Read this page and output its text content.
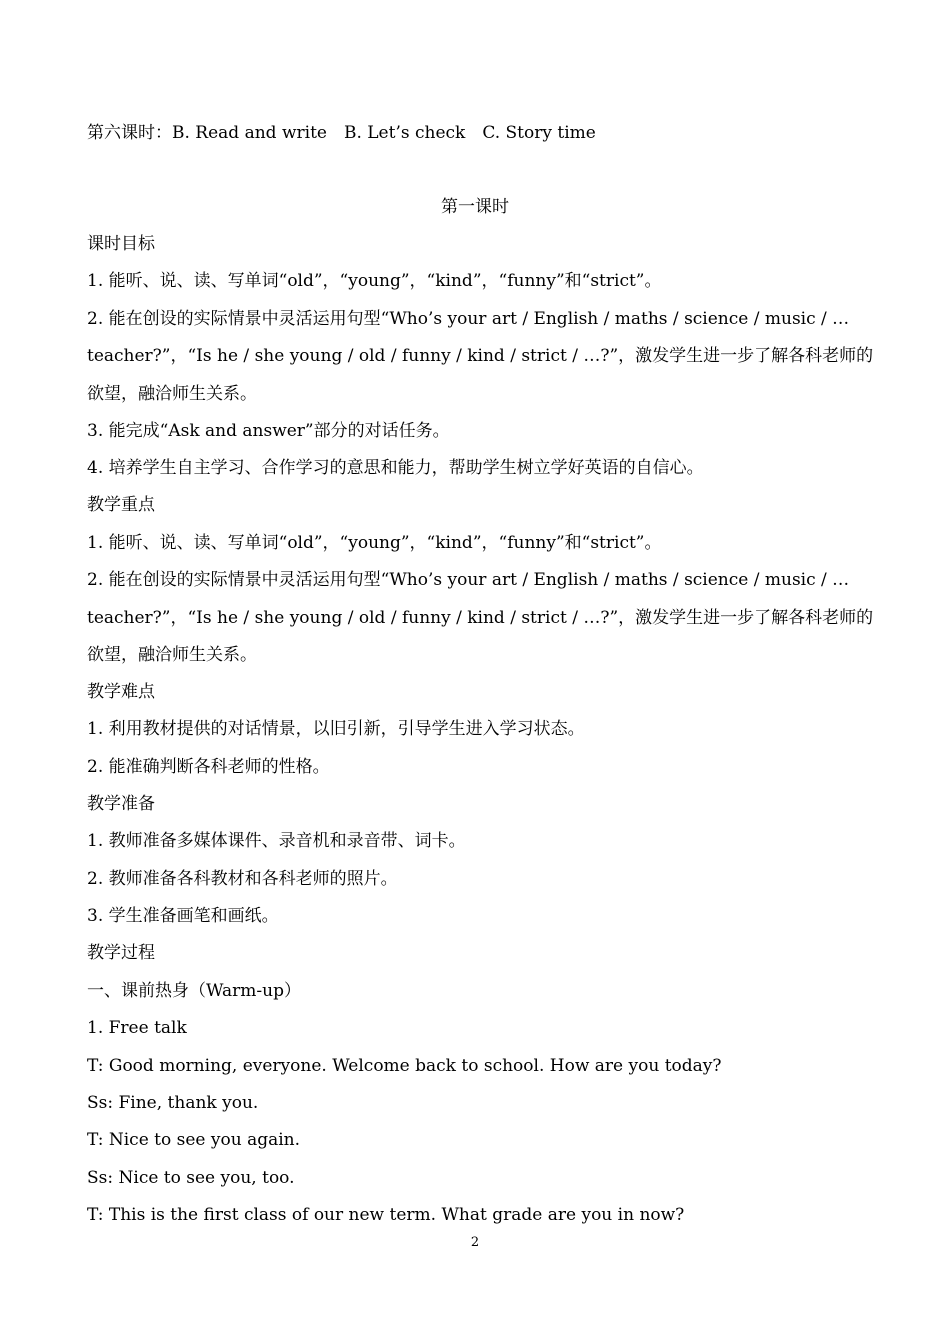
第六课时：B. Read and write　B. Let’s check　C. Story time
第一课时
课时目标
1. 能听、说、读、写单词“old”，“young”，“kind”，“funny”和“strict”。
2. 能在创设的实际情景中灵活运用句型“Who’s your art / English / maths / science / music / …
teacher?”，“Is he / she young / old / funny / kind / strict / …?”，激发学生进一步了解各科老师的
欲望，融洽师生关系。
3. 能完成“Ask and answer”部分的对话任务。
4. 培养学生自主学习、合作学习的意思和能力，帮助学生树立学好英语的自信心。
教学重点
1. 能听、说、读、写单词“old”，“young”，“kind”，“funny”和“strict”。
2. 能在创设的实际情景中灵活运用句型“Who’s your art / English / maths / science / music / …
teacher?”，“Is he / she young / old / funny / kind / strict / …?”，激发学生进一步了解各科老师的
欲望，融洽师生关系。
教学难点
1. 利用教材提供的对话情景，以旧引新，引导学生进入学习状态。
2. 能准确判断各科老师的性格。
教学准备
1. 教师准备多媒体课件、录音机和录音带、词卡。
2. 教师准备各科教材和各科老师的照片。
3. 学生准备画笔和画纸。
教学过程
一、课前热身（Warm-up）
1. Free talk
T: Good morning, everyone. Welcome back to school. How are you today?
Ss: Fine, thank you.
T: Nice to see you again.
Ss: Nice to see you, too.
T: This is the first class of our new term. What grade are you in now?
2
